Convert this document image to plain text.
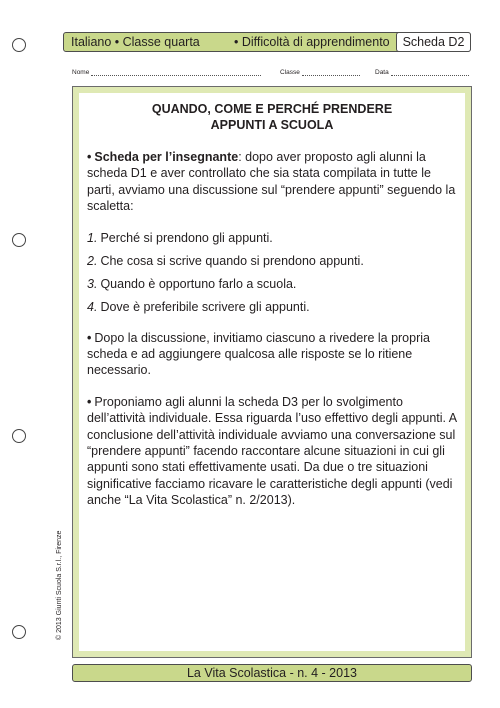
Italiano • Classe quarta	• Difficoltà di apprendimento	Scheda D2
Nome	Classe	Data
QUANDO, COME E PERCHÉ PRENDERE
APPUNTI A SCUOLA

• Scheda per l’insegnante: dopo aver proposto agli alunni la scheda D1 e aver controllato che sia stata compilata in tutte le parti, avviamo una discussione sul “prendere appunti” seguendo la scaletta:

1. Perché si prendono gli appunti.
2. Che cosa si scrive quando si prendono appunti.
3. Quando è opportuno farlo a scuola.
4. Dove è preferibile scrivere gli appunti.

• Dopo la discussione, invitiamo ciascuno a rivedere la propria scheda e ad aggiungere qualcosa alle risposte se lo ritiene necessario.

• Proponiamo agli alunni la scheda D3 per lo svolgimento dell’attività individuale. Essa riguarda l’uso effettivo degli appunti. A conclusione dell’attività individuale avviamo una conversazione sul “prendere appunti” facendo raccontare alcune situazioni in cui gli appunti sono stati effettivamente usati. Da due o tre situazioni significative facciamo ricavare le caratteristiche degli appunti (vedi anche “La Vita Scolastica” n. 2/2013).

La Vita Scolastica - n. 4 - 2013
© 2013 Giunti Scuola S.r.l., Firenze
